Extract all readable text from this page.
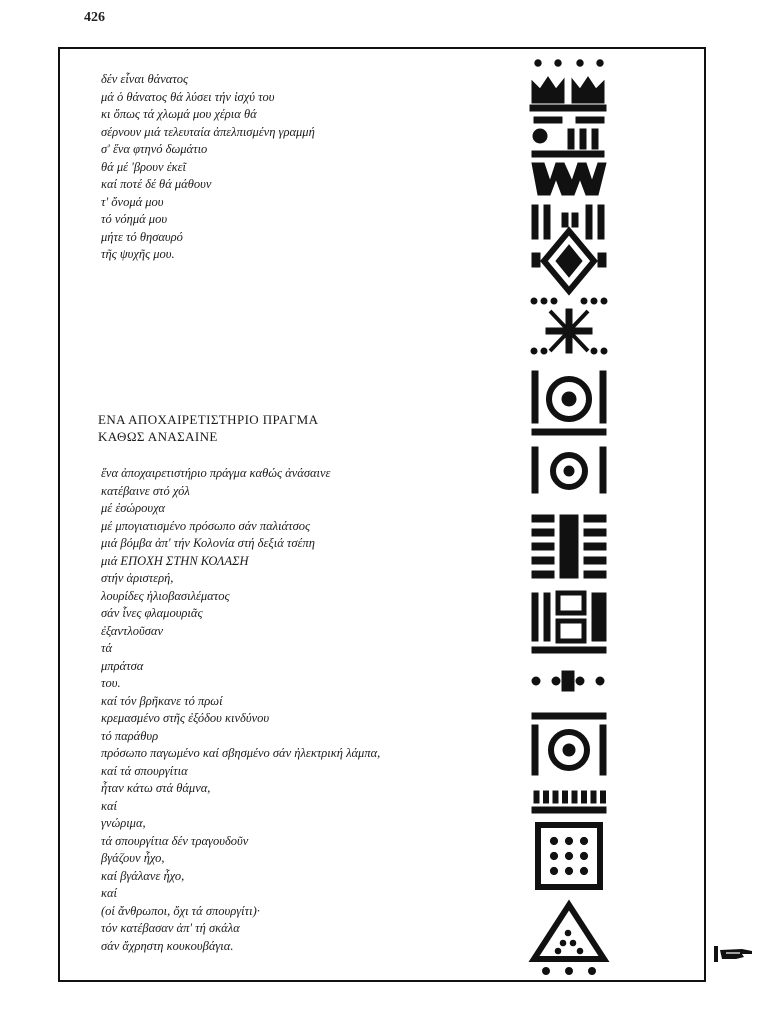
426
δέν εἶναι θάνατος
μά ὁ θάνατος θά λύσει τήν ἰσχύ του
κι ὅπως τά χλωμά μου χέρια θά
σέρνουν μιά τελευταία ἀπελπισμένη γραμμή
σ' ἕνα φτηνό δωμάτιο
θά μέ 'βρουν ἐκεῖ
καί ποτέ δέ θά μάθουν
τ' ὄνομά μου
τό νόημά μου
μήτε τό θησαυρό
τῆς ψυχῆς μου.
ΕΝΑ ΑΠΟΧΑΙΡΕΤΙΣΤΗΡΙΟ ΠΡΑΓΜΑ
ΚΑΘΩΣ ΑΝΑΣΑΙΝΕ
ἕνα ἀποχαιρετιστήριο πράγμα καθώς ἀνάσαινε
κατέβαινε στό χόλ
μέ ἐσώρουχα
μέ μπογιατισμένο πρόσωπο σάν παλιάτσος
μιά βόμβα ἀπ' τήν Κολονία στή δεξιά τσέπη
μιά ΕΠΟΧΗ ΣΤΗΝ ΚΟΛΑΣΗ
στήν ἀριστερή,
λουρίδες ἡλιοβασιλέματος
σάν ἶνες φλαμουριᾶς
ἐξαντλοῦσαν
τά
μπράτσα
του.
καί τόν βρῆκανε τό πρωί
κρεμασμένο στῆς ἐξόδου κινδύνου
τό παράθυρ
πρόσωπο παγωμένο καί σβησμένο σάν ἠλεκτρική λάμπα,
καί τά σπουργίτια
ἦταν κάτω στά θάμνα,
καί
γνώριμα,
τά σπουργίτια δέν τραγουδοῦν
βγάζουν ἦχο,
καί βγάλανε ἦχο,
καί
(οἱ ἄνθρωποι, ὄχι τά σπουργίτι)·
τόν κατέβασαν ἀπ' τή σκάλα
σάν ἄχρηστη κουκουβάγια.
